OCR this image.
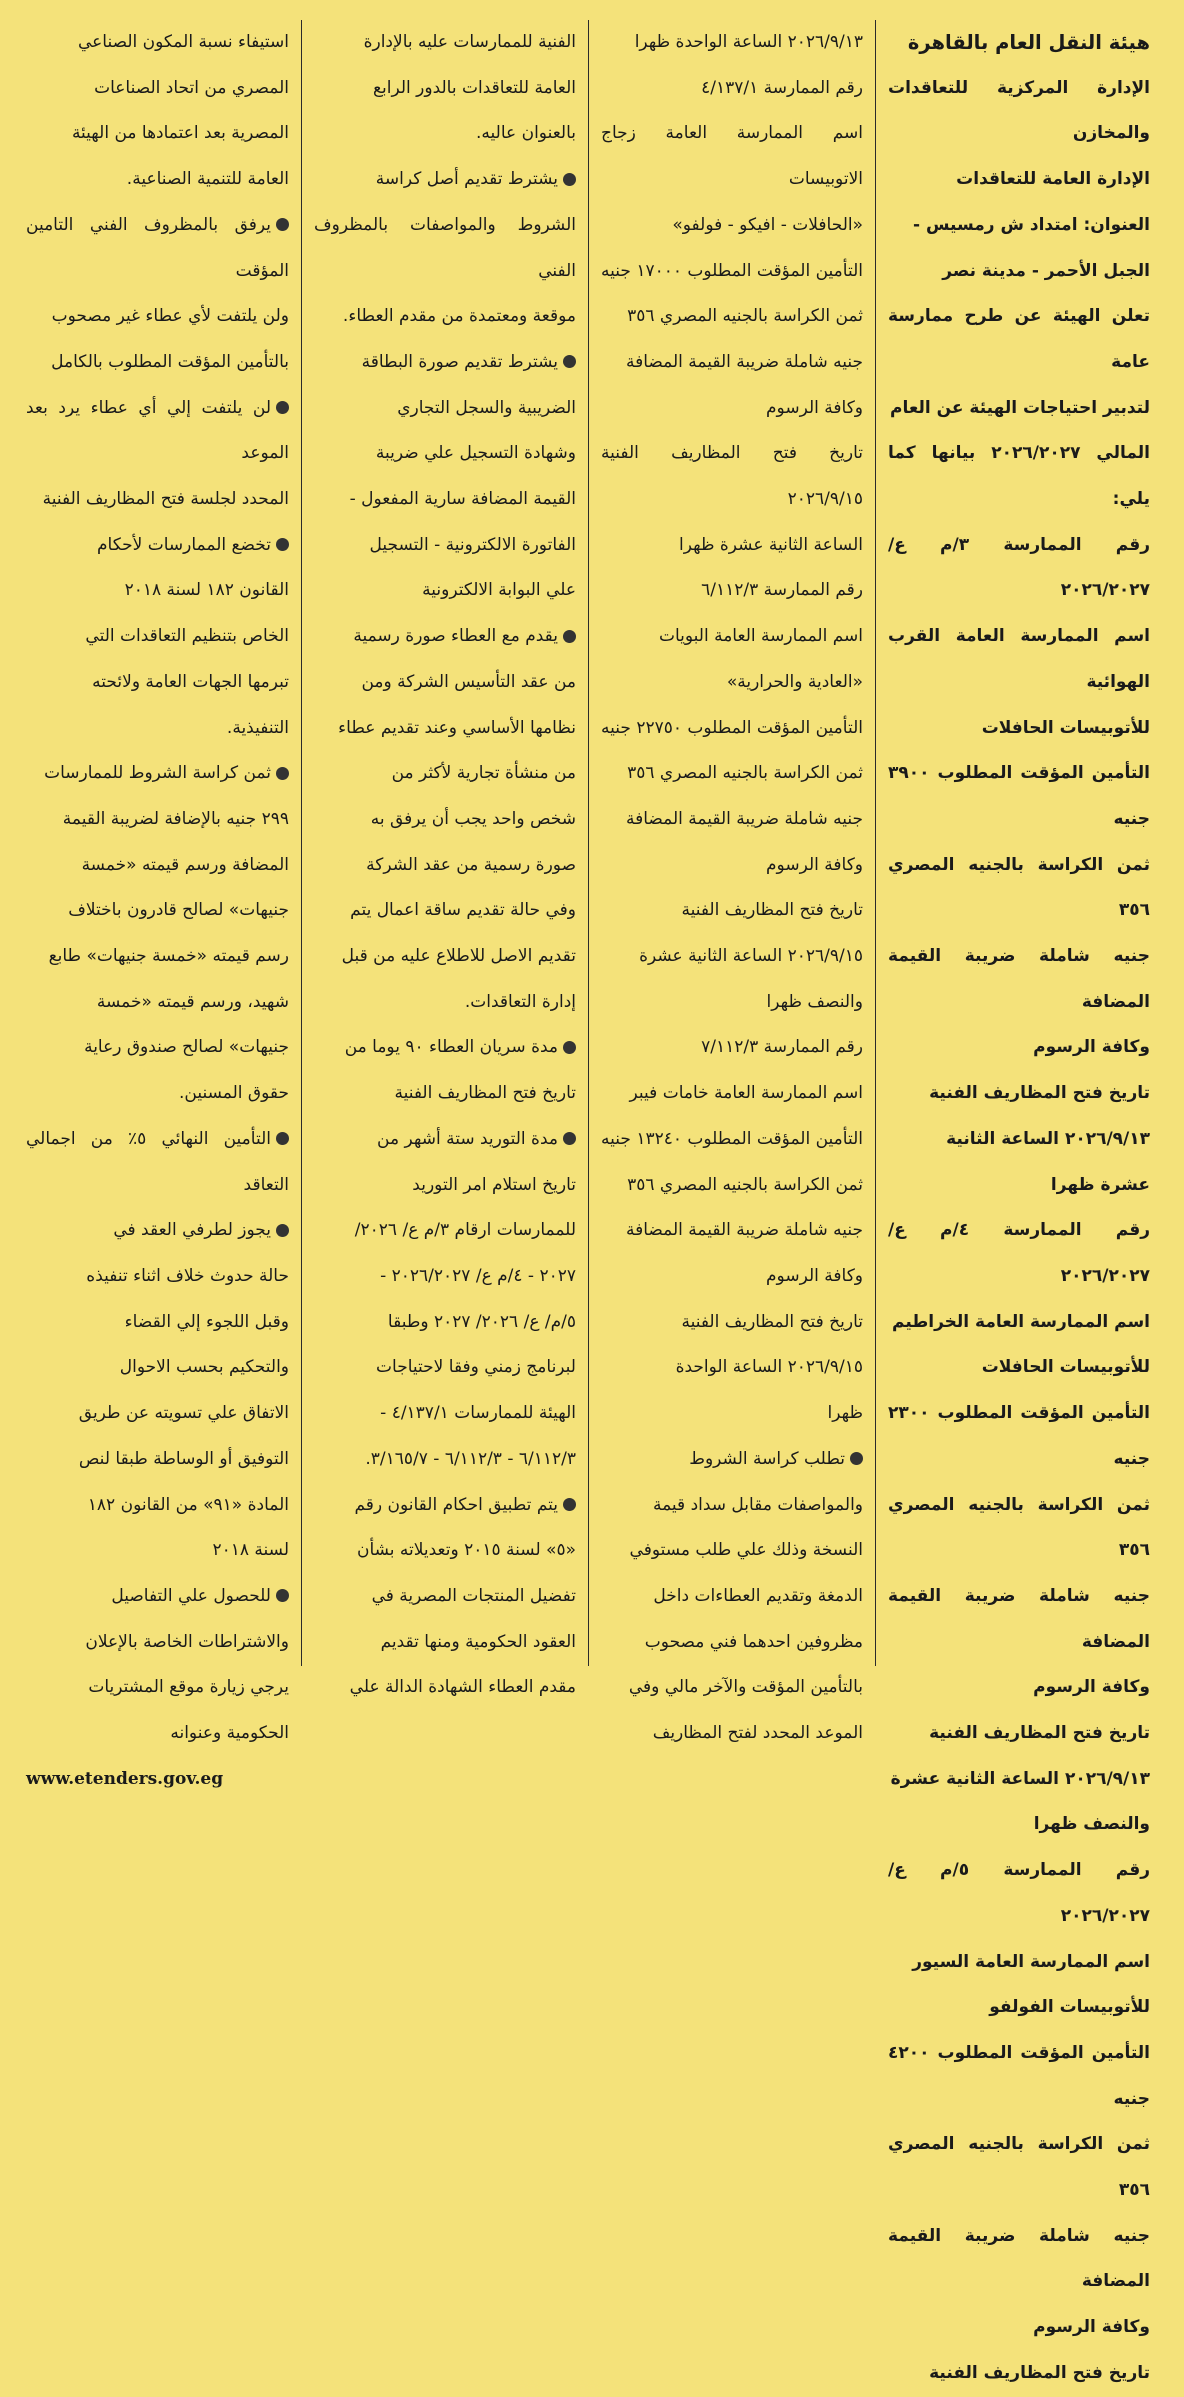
هيئة النقل العام بالقاهرة

الإدارة المركزية للتعاقدات والمخازن

الإدارة العامة للتعاقدات

العنوان: امتداد ش رمسيس -

الجبل الأحمر - مدينة نصر

تعلن الهيئة عن طرح ممارسة عامة

لتدبير احتياجات الهيئة عن العام

المالي ٢٠٢٦/٢٠٢٧ بيانها كما يلي:

رقم الممارسة ٣/م ع/٢٠٢٦/٢٠٢٧

اسم الممارسة العامة القرب الهوائية

للأتوبيسات الحافلات

التأمين المؤقت المطلوب ٣٩٠٠ جنيه

ثمن الكراسة بالجنيه المصري ٣٥٦

جنيه شاملة ضريبة القيمة المضافة

وكافة الرسوم

تاريخ فتح المظاريف الفنية

٢٠٢٦/٩/١٣ الساعة الثانية

عشرة ظهرا

رقم الممارسة ٤/م ع/٢٠٢٦/٢٠٢٧

اسم الممارسة العامة الخراطيم

للأتوبيسات الحافلات

التأمين المؤقت المطلوب ٢٣٠٠ جنيه

ثمن الكراسة بالجنيه المصري ٣٥٦

جنيه شاملة ضريبة القيمة المضافة

وكافة الرسوم

تاريخ فتح المظاريف الفنية

٢٠٢٦/٩/١٣ الساعة الثانية عشرة

والنصف ظهرا

رقم الممارسة ٥/م ع/٢٠٢٦/٢٠٢٧

اسم الممارسة العامة السيور

للأتوبيسات الفولفو

التأمين المؤقت المطلوب ٤٢٠٠ جنيه

ثمن الكراسة بالجنيه المصري ٣٥٦

جنيه شاملة ضريبة القيمة المضافة

وكافة الرسوم

تاريخ فتح المظاريف الفنية

٢٠٢٦/٩/١٣ الساعة الواحدة ظهرا

رقم الممارسة ٤/١٣٧/١

اسم الممارسة العامة زجاج الاتوبيسات

«الحافلات - افيكو - فولفو»

التأمين المؤقت المطلوب ١٧٠٠٠ جنيه

ثمن الكراسة بالجنيه المصري ٣٥٦

جنيه شاملة ضريبة القيمة المضافة

وكافة الرسوم

تاريخ فتح المظاريف الفنية ٢٠٢٦/٩/١٥

الساعة الثانية عشرة ظهرا

رقم الممارسة ٦/١١٢/٣

اسم الممارسة العامة البويات

«العادية والحرارية»

التأمين المؤقت المطلوب ٢٢٧٥٠ جنيه

ثمن الكراسة بالجنيه المصري ٣٥٦

جنيه شاملة ضريبة القيمة المضافة

وكافة الرسوم

تاريخ فتح المظاريف الفنية

٢٠٢٦/٩/١٥ الساعة الثانية عشرة

والنصف ظهرا

رقم الممارسة ٧/١١٢/٣

اسم الممارسة العامة خامات فيبر

التأمين المؤقت المطلوب ١٣٢٤٠ جنيه

ثمن الكراسة بالجنيه المصري ٣٥٦

جنيه شاملة ضريبة القيمة المضافة

وكافة الرسوم

تاريخ فتح المظاريف الفنية

٢٠٢٦/٩/١٥ الساعة الواحدة

ظهرا

تطلب كراسة الشروط

والمواصفات مقابل سداد قيمة

النسخة وذلك علي طلب مستوفي

الدمغة وتقديم العطاءات داخل

مظروفين احدهما فني مصحوب

بالتأمين المؤقت والآخر مالي وفي

الموعد المحدد لفتح المظاريف

الفنية للممارسات عليه بالإدارة

العامة للتعاقدات بالدور الرابع

بالعنوان عاليه.

يشترط تقديم أصل كراسة

الشروط والمواصفات بالمظروف الفني

موقعة ومعتمدة من مقدم العطاء.

يشترط تقديم صورة البطاقة

الضريبية والسجل التجاري

وشهادة التسجيل علي ضريبة

القيمة المضافة سارية المفعول -

الفاتورة الالكترونية - التسجيل

علي البوابة الالكترونية

يقدم مع العطاء صورة رسمية

من عقد التأسيس الشركة ومن

نظامها الأساسي وعند تقديم عطاء

من منشأة تجارية لأكثر من

شخص واحد يجب أن يرفق به

صورة رسمية من عقد الشركة

وفي حالة تقديم ساقة اعمال يتم

تقديم الاصل للاطلاع عليه من قبل

إدارة التعاقدات.

مدة سريان العطاء ٩٠ يوما من

تاريخ فتح المظاريف الفنية

مدة التوريد ستة أشهر من

تاريخ استلام امر التوريد

للممارسات ارقام ٣/م ع/ ٢٠٢٦/

٢٠٢٧ - ٤/م ع/ ٢٠٢٦/٢٠٢٧ -

٥/م/ ع/ ٢٠٢٦/ ٢٠٢٧ وطبقا

لبرنامج زمني وفقا لاحتياجات

الهيئة للممارسات ٤/١٣٧/١ -

٦/١١٢/٣ - ٦/١١٢/٣ - ٣/١٦٥/٧.

يتم تطبيق احكام القانون رقم

«٥» لسنة ٢٠١٥ وتعديلاته بشأن

تفضيل المنتجات المصرية في

العقود الحكومية ومنها تقديم

مقدم العطاء الشهادة الدالة علي

استيفاء نسبة المكون الصناعي

المصري من اتحاد الصناعات

المصرية بعد اعتمادها من الهيئة

العامة للتنمية الصناعية.

يرفق بالمظروف الفني التامين المؤقت

ولن يلتفت لأي عطاء غير مصحوب

بالتأمين المؤقت المطلوب بالكامل

لن يلتفت إلي أي عطاء يرد بعد الموعد

المحدد لجلسة فتح المظاريف الفنية

تخضع الممارسات لأحكام

القانون ١٨٢ لسنة ٢٠١٨

الخاص بتنظيم التعاقدات التي

تبرمها الجهات العامة ولائحته

التنفيذية.

ثمن كراسة الشروط للممارسات

٢٩٩ جنيه بالإضافة لضريبة القيمة

المضافة ورسم قيمته «خمسة

جنيهات» لصالح قادرون باختلاف

رسم قيمته «خمسة جنيهات» طابع

شهيد، ورسم قيمته «خمسة

جنيهات» لصالح صندوق رعاية

حقوق المسنين.

التأمين النهائي ٥٪ من اجمالي التعاقد

يجوز لطرفي العقد في

حالة حدوث خلاف اثناء تنفيذه

وقبل اللجوء إلي القضاء

والتحكيم بحسب الاحوال

الاتفاق علي تسويته عن طريق

التوفيق أو الوساطة طبقا لنص

المادة «٩١» من القانون ١٨٢

لسنة ٢٠١٨

للحصول علي التفاصيل

والاشتراطات الخاصة بالإعلان

يرجي زيارة موقع المشتريات

الحكومية وعنوانه

www.etenders.gov.eg
